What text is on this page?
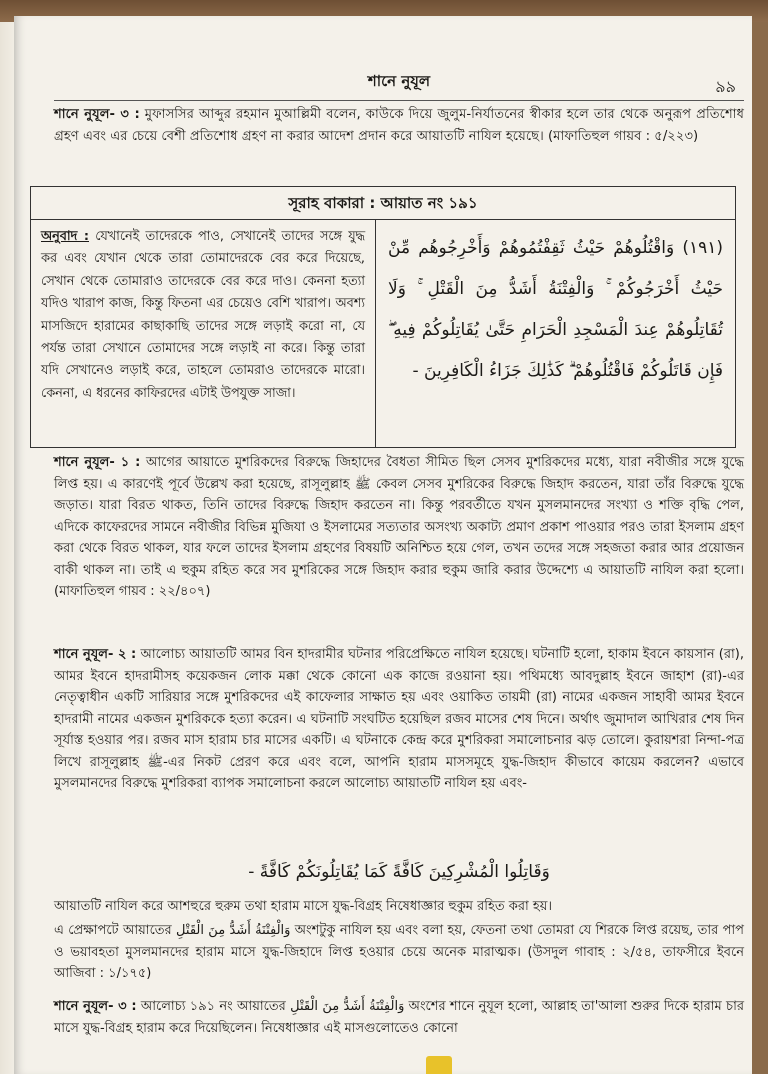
শানে নুযূল	৯৯
শানে নুযূল- ৩ : মুফাসসির আব্দুর রহমান মুআল্লিমী বলেন, কাউকে দিয়ে জুলুম-নির্যাতনের স্বীকার হলে তার থেকে অনুরূপ প্রতিশোধ গ্রহণ এবং এর চেয়ে বেশী প্রতিশোধ গ্রহণ না করার আদেশ প্রদান করে আয়াতটি নাযিল হয়েছে। (মাফাতিহুল গায়ব : ৫/২২৩)
সূরাহ বাকারা : আয়াত নং ১৯১
অনুবাদ : যেখানেই তাদেরকে পাও, সেখানেই তাদের সঙ্গে যুদ্ধ কর এবং যেখান থেকে তারা তোমাদেরকে বের করে দিয়েছে, সেখান থেকে তোমারাও তাদেরকে বের করে দাও। কেননা হত্যা যদিও খারাপ কাজ, কিন্তু ফিতনা এর চেয়েও বেশি খারাপ। অবশ্য মাসজিদে হারামের কাছাকাছি তাদের সঙ্গে লড়াই করো না, যে পর্যন্ত তারা সেখানে তোমাদের সঙ্গে লড়াই না করে। কিন্তু তারা যদি সেখানেও লড়াই করে, তাহলে তোমরাও তাদেরকে মারো। কেননা, এ ধরনের কাফিরদের এটাই উপযুক্ত সাজা।
(١٩١) وَاقْتُلُوهُمْ حَيْثُ ثَقِفْتُمُوهُمْ وَأَخْرِجُوهُم مِّنْ حَيْثُ أَخْرَجُوكُمْ ۚ وَالْفِتْنَةُ أَشَدُّ مِنَ الْقَتْلِ ۚ وَلَا تُقَاتِلُوهُمْ عِندَ الْمَسْجِدِ الْحَرَامِ حَتَّىٰ يُقَاتِلُوكُمْ فِيهِ ۖ فَإِن قَاتَلُوكُمْ فَاقْتُلُوهُمْ ۗ كَذَٰلِكَ جَزَاءُ الْكَافِرِينَ -
শানে নুযূল- ১ : আগের আয়াতে মুশরিকদের বিরুদ্ধে জিহাদের বৈধতা সীমিত ছিল সেসব মুশরিকদের মধ্যে, যারা নবীজীর সঙ্গে যুদ্ধে লিপ্ত হয়। এ কারণেই পূর্বে উল্লেখ করা হয়েছে, রাসূলুল্লাহ ﷺ কেবল সেসব মুশরিকের বিরুদ্ধে জিহাদ করতেন, যারা তাঁর বিরুদ্ধে যুদ্ধে জড়াত। যারা বিরত থাকত, তিনি তাদের বিরুদ্ধে জিহাদ করতেন না। কিন্তু পরবর্তীতে যখন মুসলমানদের সংখ্যা ও শক্তি বৃদ্ধি পেল, এদিকে কাফেরদের সামনে নবীজীর বিভিন্ন মুজিযা ও ইসলামের সত্যতার অসংখ্য অকাট্য প্রমাণ প্রকাশ পাওয়ার পরও তারা ইসলাম গ্রহণ করা থেকে বিরত থাকল, যার ফলে তাদের ইসলাম গ্রহণের বিষয়টি অনিশ্চিত হয়ে গেল, তখন তদের সঙ্গে সহজতা করার আর প্রয়োজন বাকী থাকল না। তাই এ হুকুম রহিত করে সব মুশরিকের সঙ্গে জিহাদ করার হুকুম জারি করার উদ্দেশ্যে এ আয়াতটি নাযিল করা হলো। (মাফাতিহুল গায়ব : ২২/৪০৭)
শানে নুযূল- ২ : আলোচ্য আয়াতটি আমর বিন হাদরামীর ঘটনার পরিপ্রেক্ষিতে নাযিল হয়েছে। ঘটনাটি হলো, হাকাম ইবনে কায়সান (রা), আমর ইবনে হাদরামীসহ কয়েকজন লোক মক্কা থেকে কোনো এক কাজে রওয়ানা হয়। পথিমধ্যে আবদুল্লাহ ইবনে জাহাশ (রা)-এর নেতৃত্বাধীন একটি সারিয়ার সঙ্গে মুশরিকদের এই কাফেলার সাক্ষাত হয় এবং ওয়াকিত তায়মী (রা) নামের একজন সাহাবী আমর ইবনে হাদরামী নামের একজন মুশরিককে হত্যা করেন। এ ঘটনাটি সংঘটিত হয়েছিল রজব মাসের শেষ দিনে। অর্থাৎ জুমাদাল আখিরার শেষ দিন সূর্যাস্ত হওয়ার পর। রজব মাস হারাম চার মাসের একটি। এ ঘটনাকে কেন্দ্র করে মুশরিকরা সমালোচনার ঝড় তোলে। কুরায়শরা নিন্দা-পত্র লিখে রাসূলুল্লাহ ﷺ-এর নিকট প্রেরণ করে এবং বলে, আপনি হারাম মাসসমূহে যুদ্ধ-জিহাদ কীভাবে কায়েম করলেন? এভাবে মুসলমানদের বিরুদ্ধে মুশরিকরা ব্যাপক সমালোচনা করলে আলোচ্য আয়াতটি নাযিল হয় এবং-
وَقَاتِلُوا الْمُشْرِكِينَ كَافَّةً كَمَا يُقَاتِلُونَكُمْ كَافَّةً -
আয়াতটি নাযিল করে আশহুরে হুরুম তথা হারাম মাসে যুদ্ধ-বিগ্রহ নিষেধাজ্ঞার হুকুম রহিত করা হয়।
এ প্রেক্ষাপটে আয়াতের وَالْفِتْنَةُ أَشَدُّ مِنَ الْقَتْلِ অংশটুকু নাযিল হয় এবং বলা হয়, ফেতনা তথা তোমরা যে শিরকে লিপ্ত রয়েছ, তার পাপ ও ভয়াবহতা মুসলমানদের হারাম মাসে যুদ্ধ-জিহাদে লিপ্ত হওয়ার চেয়ে অনেক মারাত্মক। (উসদুল গাবাহ : ২/৫৪, তাফসীরে ইবনে আজিবা : ১/১৭৫)
শানে নুযূল- ৩ : আলোচ্য ১৯১ নং আয়াতের وَالْفِتْنَةُ أَشَدُّ مِنَ الْقَتْلِ অংশের শানে নুযূল হলো, আল্লাহ তা'আলা শুরুর দিকে হারাম চার মাসে যুদ্ধ-বিগ্রহ হারাম করে দিয়েছিলেন। নিষেধাজ্ঞার এই মাসগুলোতেও কোনো
